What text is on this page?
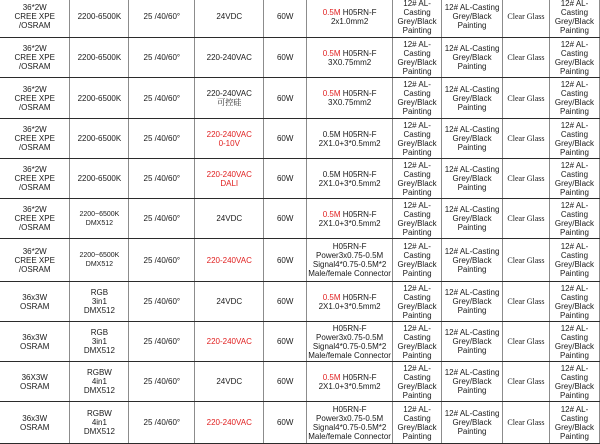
36*2W
CREE XPE /OSRAM	2200-6500K	25 /40/60°	24VDC	60W	0.5M H05RN-F
2x1.0mm2	12# AL-
Casting
Grey/Black
Painting	12# AL-Casting
Grey/Black
Painting	Clear Glass	12# AL-Casting
Grey/Black
Painting
36*2W
CREE XPE /OSRAM	2200-6500K	25 /40/60°	220-240VAC	60W	0.5M H05RN-F
3X0.75mm2	12# AL-
Casting
Grey/Black
Painting	12# AL-Casting
Grey/Black
Painting	Clear Glass	12# AL-Casting
Grey/Black
Painting
36*2W
CREE XPE /OSRAM	2200-6500K	25 /40/60°	220-240VAC
可控硅	60W	0.5M H05RN-F
3X0.75mm2	12# AL-
Casting
Grey/Black
Painting	12# AL-Casting
Grey/Black
Painting	Clear Glass	12# AL-Casting
Grey/Black
Painting
36*2W
CREE XPE /OSRAM	2200-6500K	25 /40/60°	220-240VAC
0-10V	60W	0.5M H05RN-F
2X1.0+3*0.5mm2	12# AL-
Casting
Grey/Black
Painting	12# AL-Casting
Grey/Black
Painting	Clear Glass	12# AL-Casting
Grey/Black
Painting
36*2W
CREE XPE /OSRAM	2200-6500K	25 /40/60°	220-240VAC
DALI	60W	0.5M H05RN-F
2X1.0+3*0.5mm2	12# AL-
Casting
Grey/Black
Painting	12# AL-Casting
Grey/Black
Painting	Clear Glass	12# AL-Casting
Grey/Black
Painting
36*2W
CREE XPE /OSRAM	2200~6500K
DMX512	25 /40/60°	24VDC	60W	0.5M H05RN-F
2X1.0+3*0.5mm2	12# AL-
Casting
Grey/Black
Painting	12# AL-Casting
Grey/Black
Painting	Clear Glass	12# AL-Casting
Grey/Black
Painting
36*2W
CREE XPE /OSRAM	2200~6500K
DMX512	25 /40/60°	220-240VAC	60W	H05RN-F
Power3x0.75-0.5M
Signal4*0.75-0.5M*2
Male/female Connector	12# AL-
Casting
Grey/Black
Painting	12# AL-Casting
Grey/Black
Painting	Clear Glass	12# AL-Casting
Grey/Black
Painting
36x3W
OSRAM	RGB
3in1
DMX512	25 /40/60°	24VDC	60W	0.5M H05RN-F
2X1.0+3*0.5mm2	12# AL-
Casting
Grey/Black
Painting	12# AL-Casting
Grey/Black
Painting	Clear Glass	12# AL-Casting
Grey/Black
Painting
36x3W
OSRAM	RGB
3in1
DMX512	25 /40/60°	220-240VAC	60W	H05RN-F
Power3x0.75-0.5M
Signal4*0.75-0.5M*2
Male/female Connector	12# AL-
Casting
Grey/Black
Painting	12# AL-Casting
Grey/Black
Painting	Clear Glass	12# AL-Casting
Grey/Black
Painting
36X3W
OSRAM	RGBW
4in1
DMX512	25 /40/60°	24VDC	60W	0.5M H05RN-F
2X1.0+3*0.5mm2	12# AL-
Casting
Grey/Black
Painting	12# AL-Casting
Grey/Black
Painting	Clear Glass	12# AL-Casting
Grey/Black
Painting
36x3W
OSRAM	RGBW
4in1
DMX512	25 /40/60°	220-240VAC	60W	H05RN-F
Power3x0.75-0.5M
Signal4*0.75-0.5M*2
Male/female Connector	12# AL-
Casting
Grey/Black
Painting	12# AL-Casting
Grey/Black
Painting	Clear Glass	12# AL-Casting
Grey/Black
Painting
